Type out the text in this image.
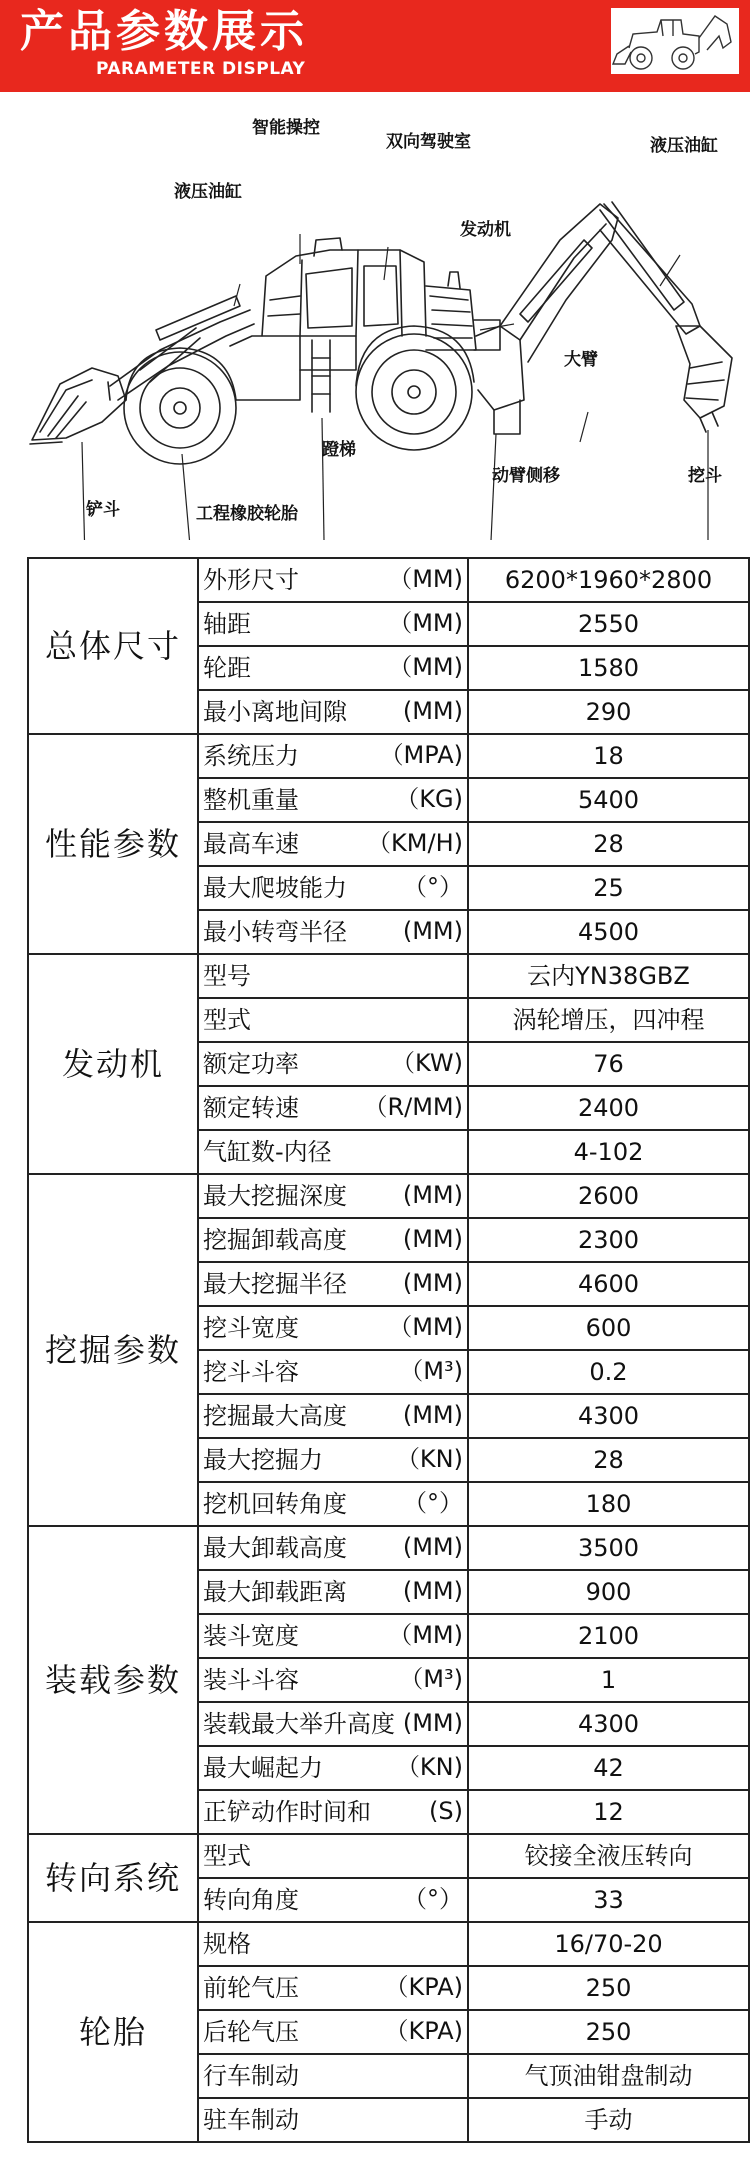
产品参数展示
PARAMETER DISPLAY
智能操控
双向驾驶室
液压油缸
液压油缸
发动机
大臂
挖斗
动臂侧移
蹬梯
工程橡胶轮胎
铲斗
总体尺寸	外形尺寸 （MM)	6200*1960*2800
	轴距 （MM)	2550
	轮距 （MM)	1580
	最小离地间隙 (MM)	290
性能参数	系统压力 （MPA)	18
	整机重量 （KG)	5400
	最高车速 （KM/H)	28
	最大爬坡能力 （°）	25
	最小转弯半径 (MM)	4500
发动机	型号	云内YN38GBZ
	型式	涡轮增压，四冲程
	额定功率 （KW)	76
	额定转速 （R/MM)	2400
	气缸数-内径	4-102
挖掘参数	最大挖掘深度 (MM)	2600
	挖掘卸载高度 (MM)	2300
	最大挖掘半径 (MM)	4600
	挖斗宽度 （MM)	600
	挖斗斗容 （M³)	0.2
	挖掘最大高度 (MM)	4300
	最大挖掘力 （KN)	28
	挖机回转角度 （°）	180
装载参数	最大卸载高度 (MM)	3500
	最大卸载距离 (MM)	900
	装斗宽度 （MM)	2100
	装斗斗容 （M³)	1
	装载最大举升高度 (MM)	4300
	最大崛起力 （KN)	42
	正铲动作时间和 (S)	12
转向系统	型式	铰接全液压转向
	转向角度 （°）	33
轮胎	规格	16/70-20
	前轮气压 （KPA)	250
	后轮气压 （KPA)	250
	行车制动	气顶油钳盘制动
	驻车制动	手动
